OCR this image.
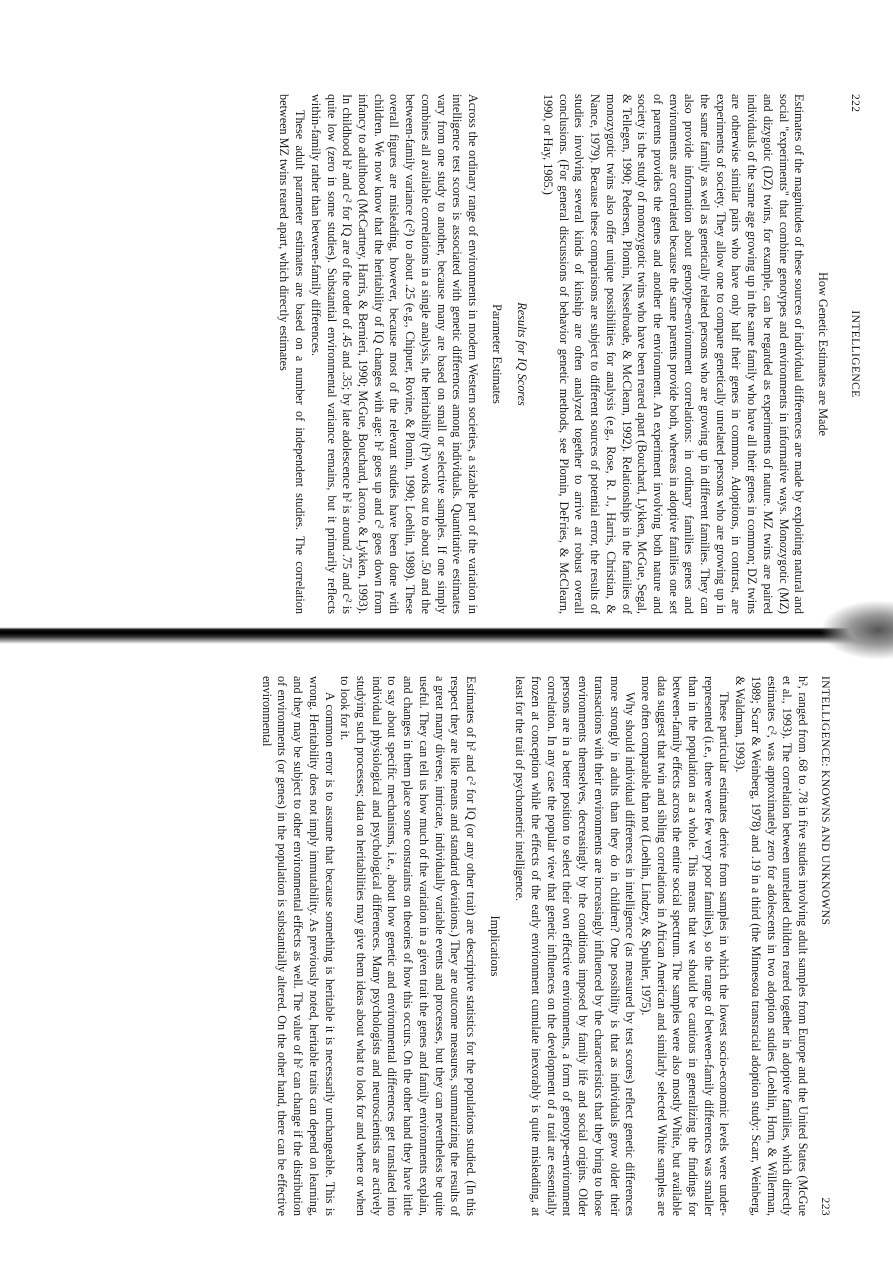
222
INTELLIGENCE
How Genetic Estimates are Made

Estimates of the magnitudes of these sources of individual differences are made by exploiting natural and social "experiments" that combine genotypes and environments in informative ways. Monozygotic (MZ) and dizygotic (DZ) twins, for example, can be regarded as experiments of nature. MZ twins are paired individuals of the same age growing up in the same family who have all their genes in common; DZ twins are otherwise similar pairs who have only half their genes in common. Adoptions, in contrast, are experiments of society. They allow one to compare genetically unrelated persons who are growing up in the same family as well as genetically related persons who are growing up in different families. They can also provide information about genotype-environment correlations: in ordinary families genes and environments are correlated because the same parents provide both, whereas in adoptive families one set of parents provides the genes and another the environment. An experiment involving both nature and society is the study of monozygotic twins who have been reared apart (Bouchard, Lykken, McGue, Segal, & Tellegen, 1990; Pedersen, Plomin, Nesselroade, & McClearn, 1992). Relationships in the families of monozygotic twins also offer unique possibilities for analysis (e.g., Rose, R. J., Harris, Christian, & Nance, 1979). Because these comparisons are subject to different sources of potential error, the results of studies involving several kinds of kinship are often analyzed together to arrive at robust overall conclusions. (For general discussions of behavior genetic methods, see Plomin, DeFries, & McClearn, 1990, or Hay, 1985.)

Results for IQ Scores
Parameter Estimates

Across the ordinary range of environments in modern Western societies, a sizable part of the variation in intelligence test scores is associated with genetic differences among individuals. Quantitative estimates vary from one study to another, because many are based on small or selective samples. If one simply combines all available correlations in a single analysis, the heritability (h²) works out to about .50 and the between-family variance (c²) to about .25 (e.g., Chipuer, Rovine, & Plomin, 1990; Loehlin, 1989). These overall figures are misleading, however, because most of the relevant studies have been done with children. We now know that the heritability of IQ changes with age: h² goes up and c² goes down from infancy to adulthood (McCartney, Harris, & Bernieri, 1990; McGue, Bouchard, Iacono, & Lykken, 1993). In childhood h² and c² for IQ are of the order of .45 and .35; by late adolescence h² is around .75 and c² is quite low (zero in some studies). Substantial environmental variance remains, but it primarily reflects within-family rather than between-family differences.

These adult parameter estimates are based on a number of independent studies. The correlation between MZ twins reared apart, which directly estimates

INTELLIGENCE: KNOWNS AND UNKNOWNS
223

h², ranged from .68 to .78 in five studies involving adult samples from Europe and the United States (McGue et al., 1993). The correlation between unrelated children reared together in adoptive families, which directly estimates c², was approximately zero for adolescents in two adoption studies (Loehlin, Horn, & Willerman, 1989; Scarr & Weinberg, 1978) and .19 in a third (the Minnesota transracial adoption study: Scarr, Weinberg, & Waldman, 1993).

These particular estimates derive from samples in which the lowest socio-economic levels were under-represented (i.e., there were few very poor families), so the range of between-family differences was smaller than in the population as a whole. This means that we should be cautious in generalizing the findings for between-family effects across the entire social spectrum. The samples were also mostly White, but available data suggest that twin and sibling correlations in African American and similarly selected White samples are more often comparable than not (Loehlin, Lindzey, & Spuhler, 1975).

Why should individual differences in intelligence (as measured by test scores) reflect genetic differences more strongly in adults than they do in children? One possibility is that as individuals grow older their transactions with their environments are increasingly influenced by the characteristics that they bring to those environments themselves, decreasingly by the conditions imposed by family life and social origins. Older persons are in a better position to select their own effective environments, a form of genotype-environment correlation. In any case the popular view that genetic influences on the development of a trait are essentially frozen at conception while the effects of the early environment cumulate inexorably is quite misleading, at least for the trait of psychometric intelligence.

Implications

Estimates of h² and c² for IQ (or any other trait) are descriptive statistics for the populations studied. (In this respect they are like means and standard deviations.) They are outcome measures, summarizing the results of a great many diverse, intricate, individually variable events and processes, but they can nevertheless be quite useful. They can tell us how much of the variation in a given trait the genes and family environments explain, and changes in them place some constraints on theories of how this occurs. On the other hand they have little to say about specific mechanisms, i.e., about how genetic and environmental differences get translated into individual physiological and psychological differences. Many psychologists and neuroscientists are actively studying such processes; data on heritabilities may give them ideas about what to look for and where or when to look for it.

A common error is to assume that because something is heritable it is necessarily unchangeable. This is wrong. Heritability does not imply immutability. As previously noted, heritable traits can depend on learning, and they may be subject to other environmental effects as well. The value of h² can change if the distribution of environments (or genes) in the population is substantially altered. On the other hand, there can be effective environmental
